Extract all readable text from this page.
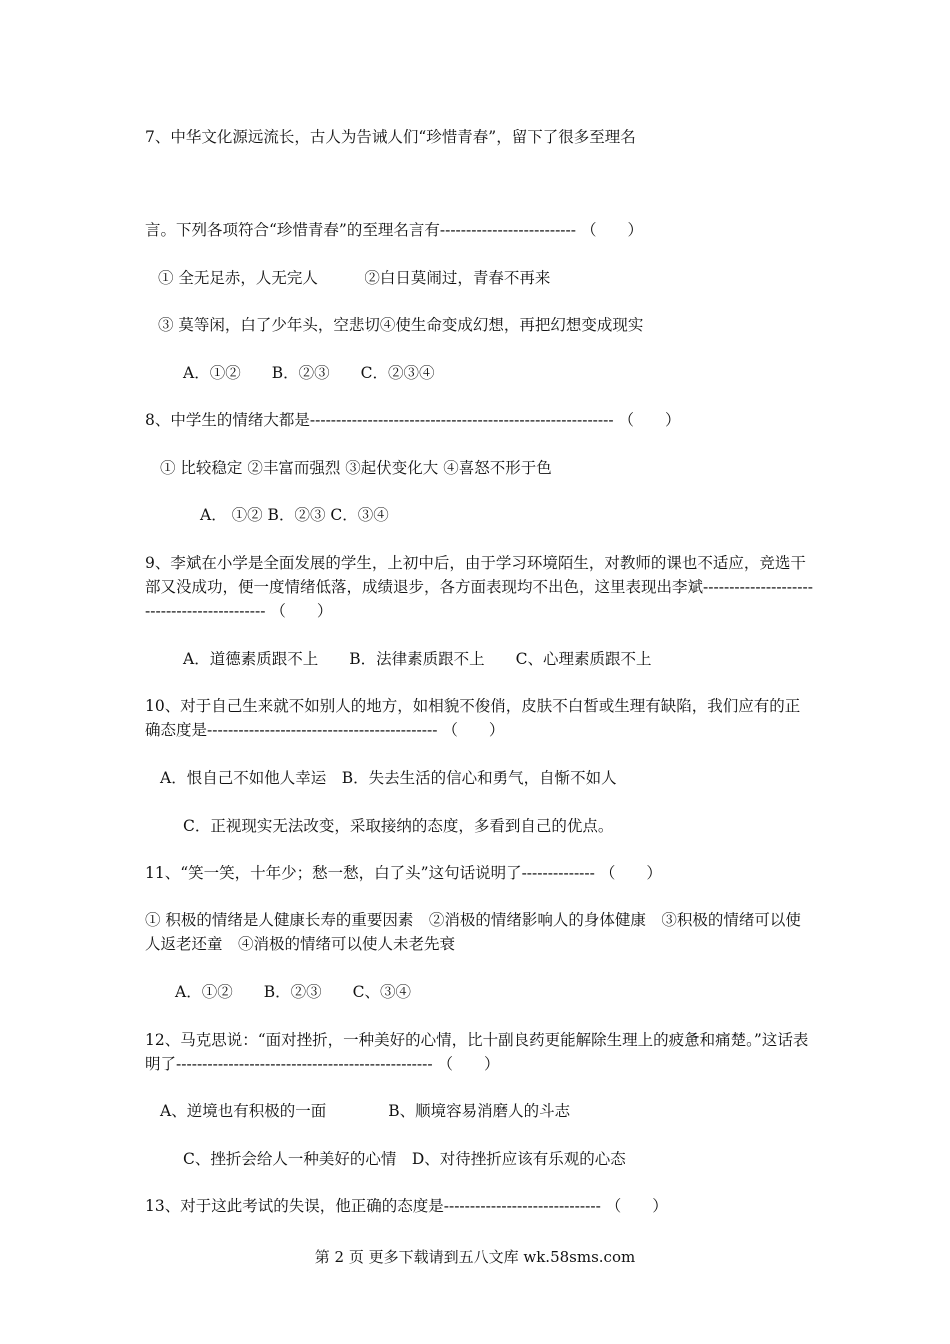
7、中华文化源远流长，古人为告诫人们“珍惜青春”，留下了很多至理名
言。下列各项符合“珍惜青春”的至理名言有-------------------------- （　　）
① 全无足赤，人无完人　　　②白日莫闹过，青春不再来
③ 莫等闲，白了少年头，空悲切④使生命变成幻想，再把幻想变成现实
A．①②　　B．②③　　C．②③④
8、中学生的情绪大都是---------------------------------------------------------- （　　）
① 比较稳定 ②丰富而强烈 ③起伏变化大 ④喜怒不形于色
A． ①② B．②③ C．③④
9、李斌在小学是全面发展的学生，上初中后，由于学习环境陌生，对教师的课也不适应，竞选干部又没成功，便一度情绪低落，成绩退步，各方面表现均不出色，这里表现出李斌-------------------------------------------- （　　）
A．道德素质跟不上　　B．法律素质跟不上　　C、心理素质跟不上
10、对于自己生来就不如别人的地方，如相貌不俊俏，皮肤不白皙或生理有缺陷，我们应有的正确态度是-------------------------------------------- （　　）
A．恨自己不如他人幸运　B．失去生活的信心和勇气，自惭不如人
C．正视现实无法改变，采取接纳的态度，多看到自己的优点。
11、“笑一笑，十年少；愁一愁，白了头”这句话说明了-------------- （　　）
① 积极的情绪是人健康长寿的重要因素　②消极的情绪影响人的身体健康　③积极的情绪可以使人返老还童　④消极的情绪可以使人未老先衰
A．①②　　B．②③　　C、③④
12、马克思说：“面对挫折，一种美好的心情，比十副良药更能解除生理上的疲惫和痛楚。”这话表明了------------------------------------------------- （　　）
A、逆境也有积极的一面　　　　B、顺境容易消磨人的斗志
C、挫折会给人一种美好的心情　D、对待挫折应该有乐观的心态
13、对于这此考试的失误，他正确的态度是------------------------------ （　　）
第 2 页 更多下载请到五八文库 wk.58sms.com
